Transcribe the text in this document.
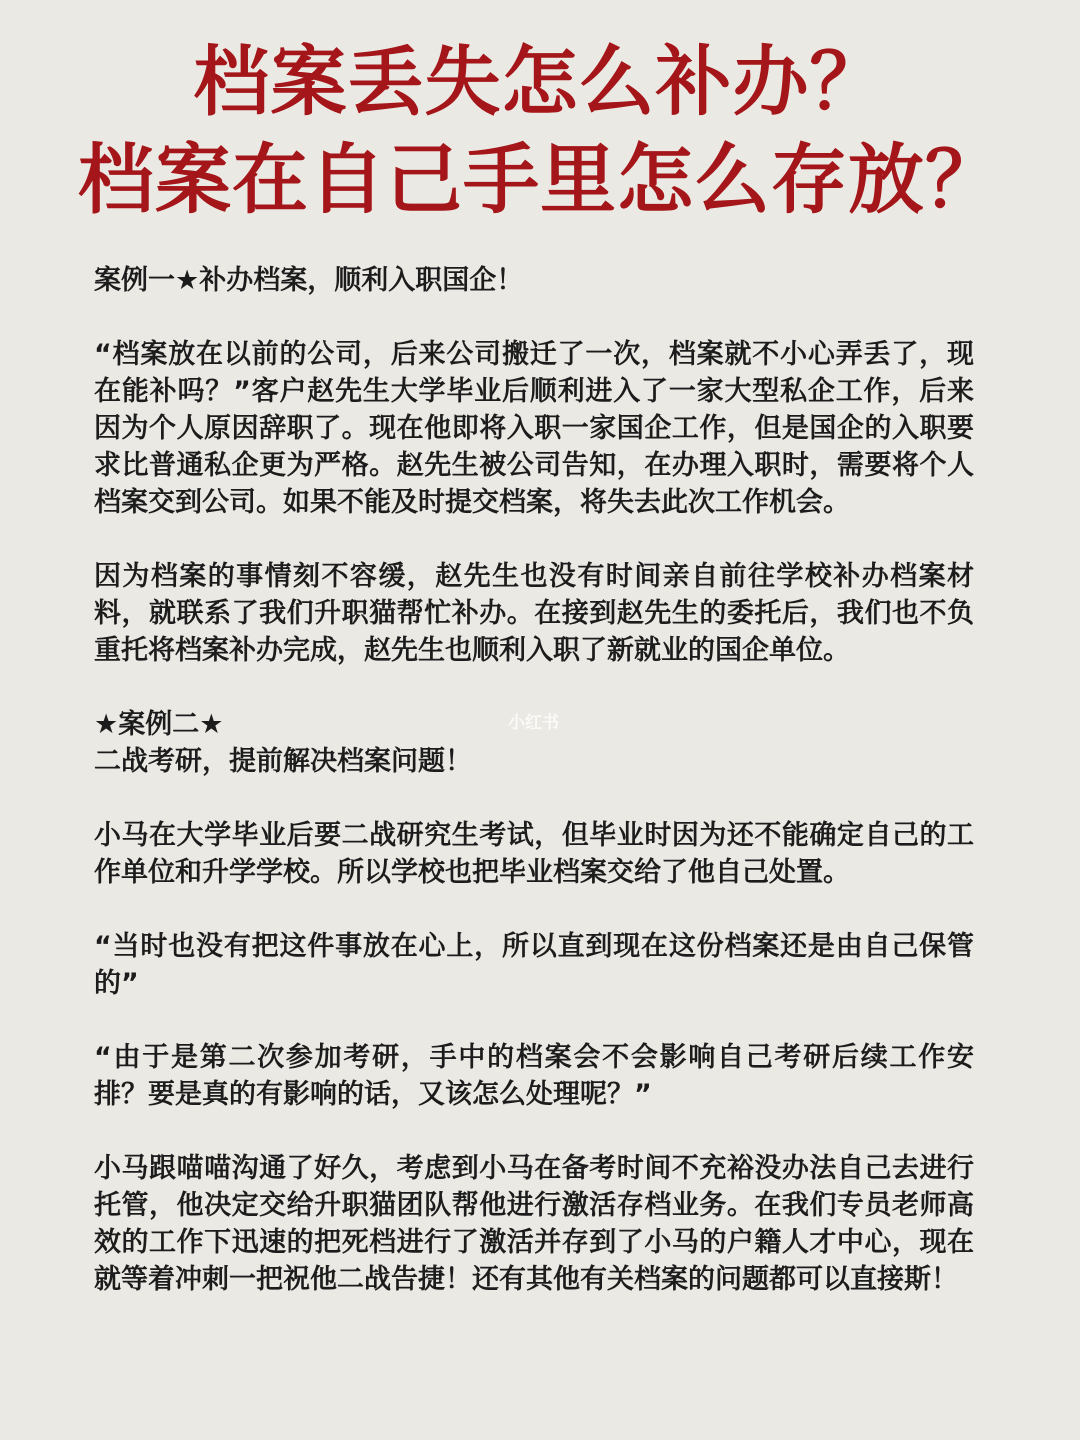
档案丢失怎么补办？
档案在自己手里怎么存放？

案例一★补办档案，顺利入职国企！

“档案放在以前的公司，后来公司搬迁了一次，档案就不小心弄丢了，现在能补吗？”客户赵先生大学毕业后顺利进入了一家大型私企工作，后来因为个人原因辞职了。现在他即将入职一家国企工作，但是国企的入职要求比普通私企更为严格。赵先生被公司告知，在办理入职时，需要将个人档案交到公司。如果不能及时提交档案，将失去此次工作机会。

因为档案的事情刻不容缓，赵先生也没有时间亲自前往学校补办档案材料，就联系了我们升职猫帮忙补办。在接到赵先生的委托后，我们也不负重托将档案补办完成，赵先生也顺利入职了新就业的国企单位。

★案例二★

二战考研，提前解决档案问题！

小马在大学毕业后要二战研究生考试，但毕业时因为还不能确定自己的工作单位和升学学校。所以学校也把毕业档案交给了他自己处置。

“当时也没有把这件事放在心上，所以直到现在这份档案还是由自己保管的”

“由于是第二次参加考研，手中的档案会不会影响自己考研后续工作安排？要是真的有影响的话，又该怎么处理呢？”

小马跟喵喵沟通了好久，考虑到小马在备考时间不充裕没办法自己去进行托管，他决定交给升职猫团队帮他进行激活存档业务。在我们专员老师高效的工作下迅速的把死档进行了激活并存到了小马的户籍人才中心，现在就等着冲刺一把祝他二战告捷！还有其他有关档案的问题都可以直接斯！

小红书
